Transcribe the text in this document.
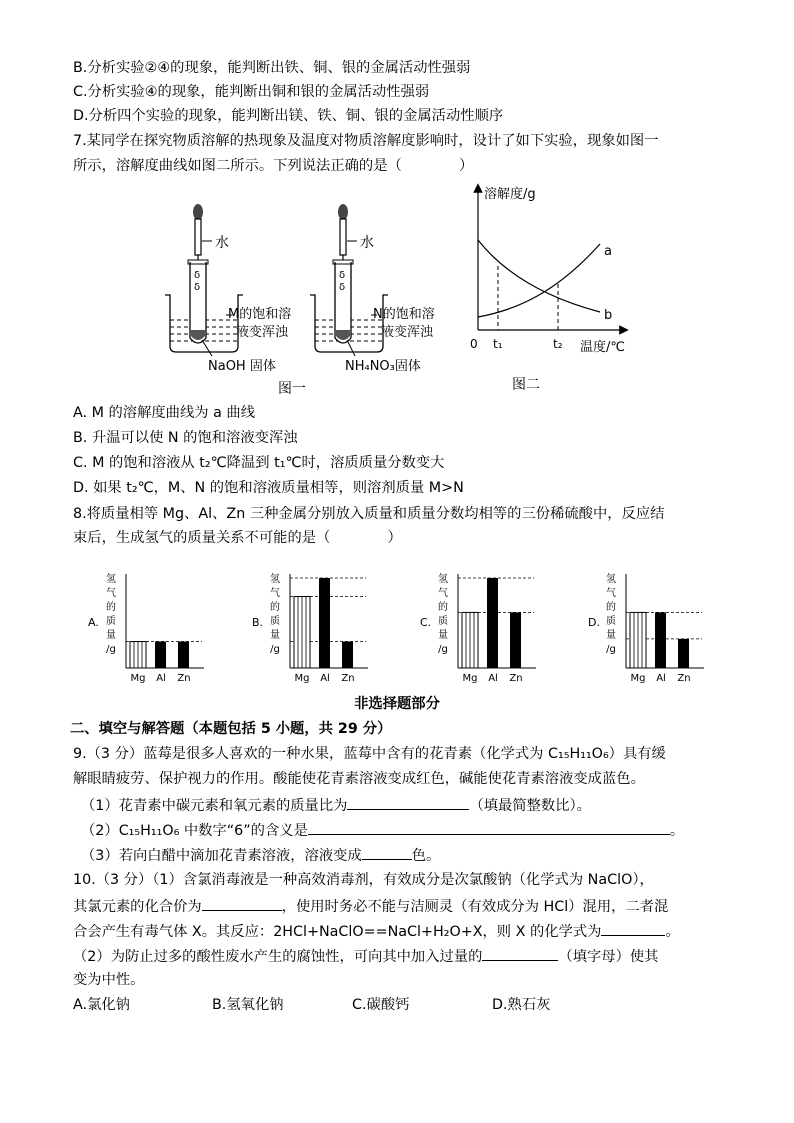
B.分析实验②④的现象，能判断出铁、铜、银的金属活动性强弱
C.分析实验④的现象，能判断出铜和银的金属活动性强弱
D.分析四个实验的现象，能判断出镁、铁、铜、银的金属活动性顺序
7.某同学在探究物质溶解的热现象及温度对物质溶解度影响时，设计了如下实验，现象如图一
所示，溶解度曲线如图二所示。下列说法正确的是（　　　　）
水
δ
δ
M的饱和溶
液变浑浊
NaOH 固体
水
δ
δ
N的饱和溶
液变浑浊
NH₄NO₃固体
图一
溶解度/g
a
b
0 t₁	t₂ 温度/℃
图二
A. M 的溶解度曲线为 a 曲线
B. 升温可以使 N 的饱和溶液变浑浊
C. M 的饱和溶液从 t₂℃降温到 t₁℃时，溶质质量分数变大
D. 如果 t₂℃，M、N 的饱和溶液质量相等，则溶剂质量 M>N
8.将质量相等 Mg、Al、Zn 三种金属分别放入质量和质量分数均相等的三份稀硫酸中，反应结
束后，生成氢气的质量关系不可能的是（　　　　）
A.
氢
气
的
质
量
/g
Mg Al Zn
B.
氢
气
的
质
量
/g
Mg Al Zn
C.
氢
气
的
质
量
/g
Mg Al Zn
D.
氢
气
的
质
量
/g
Mg Al Zn
非选择题部分
二、填空与解答题（本题包括 5 小题，共 29 分）
9.（3 分）蓝莓是很多人喜欢的一种水果，蓝莓中含有的花青素（化学式为 C₁₅H₁₁O₆）具有缓
解眼睛疲劳、保护视力的作用。酸能使花青素溶液变成红色，碱能使花青素溶液变成蓝色。
（1）花青素中碳元素和氧元素的质量比为	（填最简整数比）。
（2）C₁₅H₁₁O₆ 中数字“6”的含义是	。
（3）若向白醋中滴加花青素溶液，溶液变成	色。
10.（3 分）（1）含氯消毒液是一种高效消毒剂，有效成分是次氯酸钠（化学式为 NaClO），
其氯元素的化合价为	，使用时务必不能与洁厕灵（有效成分为 HCl）混用，二者混
合会产生有毒气体 X。其反应：2HCl+NaClO==NaCl+H₂O+X，则 X 的化学式为	。
（2）为防止过多的酸性废水产生的腐蚀性，可向其中加入过量的	（填字母）使其
变为中性。
A.氯化钠	B.氢氧化钠	C.碳酸钙	D.熟石灰
